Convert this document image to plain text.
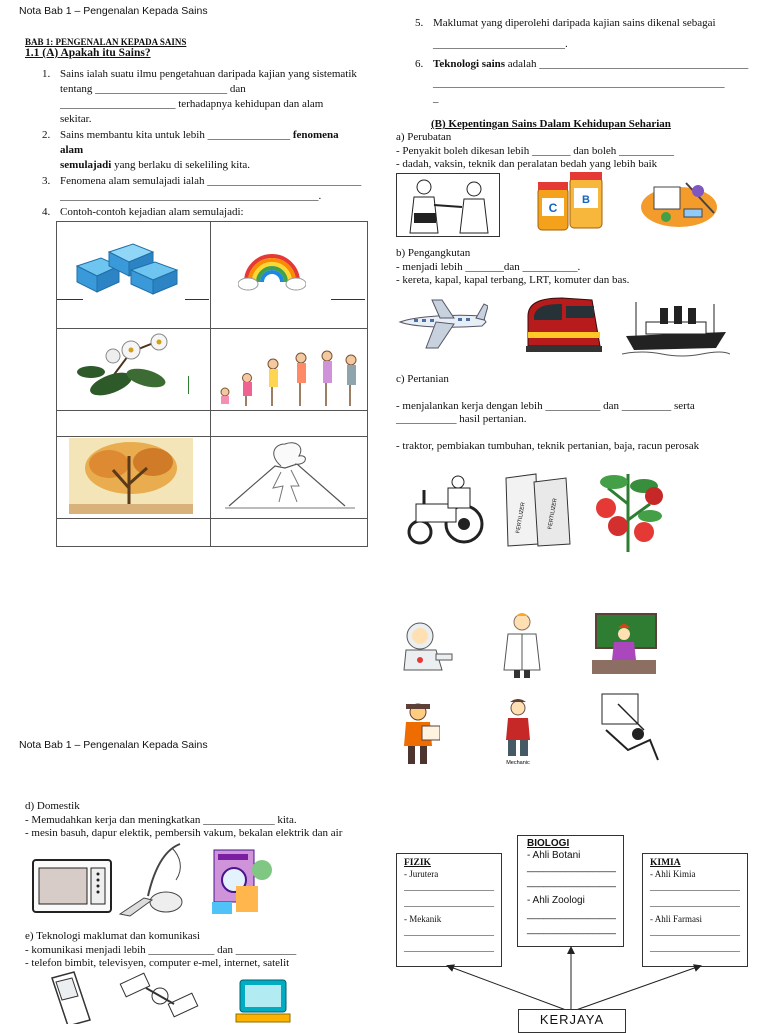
Nota Bab 1 – Pengenalan Kepada Sains
Nota Bab 1 – Pengenalan Kepada Sains
BAB 1: PENGENALAN KEPADA SAINS
1.1 (A) Apakah itu Sains?
1. Sains ialah suatu ilmu pengetahuan daripada kajian yang sistematik
tentang ________________________ dan
_____________________ terhadapnya kehidupan dan alam
sekitar.
2. Sains membantu kita untuk lebih _______________ fenomena
alam
semulajadi yang berlaku di sekeliling kita.
3. Fenomena alam semulajadi ialah ____________________________
_______________________________________________.
4. Contoh-contoh kejadian alam semulajadi:
5. Maklumat yang diperolehi daripada kajian sains dikenal sebagai
________________________.
6. Teknologi sains adalah ______________________________________
_____________________________________________________
_
(B) Kepentingan Sains Dalam Kehidupan Seharian
a) Perubatan
- Penyakit boleh dikesan lebih _______ dan boleh __________
- dadah, vaksin, teknik dan peralatan bedah yang lebih baik
C
B
b) Pengangkutan
- menjadi lebih _______dan __________.
- kereta, kapal, kapal terbang, LRT, komuter dan bas.
c) Pertanian
- menjalankan kerja dengan lebih __________ dan _________ serta
___________ hasil pertanian.
- traktor, pembiakan tumbuhan, teknik pertanian, baja, racun perosak
FERTILIZER	FERTILIZER
Mechanic
d) Domestik
- Memudahkan kerja dan meningkatkan _____________ kita.
- mesin basuh, dapur elektik, pembersih vakum, bekalan elektrik dan air
e) Teknologi maklumat dan komunikasi
- komunikasi menjadi lebih ____________ dan ___________
- telefon bimbit, televisyen, computer e-mel, internet, satelit
BIOLOGI
- Ahli Botani
________________
________________
- Ahli Zoologi
________________
________________
FIZIK
- Jurutera
____________________
____________________
- Mekanik
____________________
____________________
KIMIA
- Ahli Kimia
____________________
____________________
- Ahli Farmasi
____________________
____________________
KERJAYA
